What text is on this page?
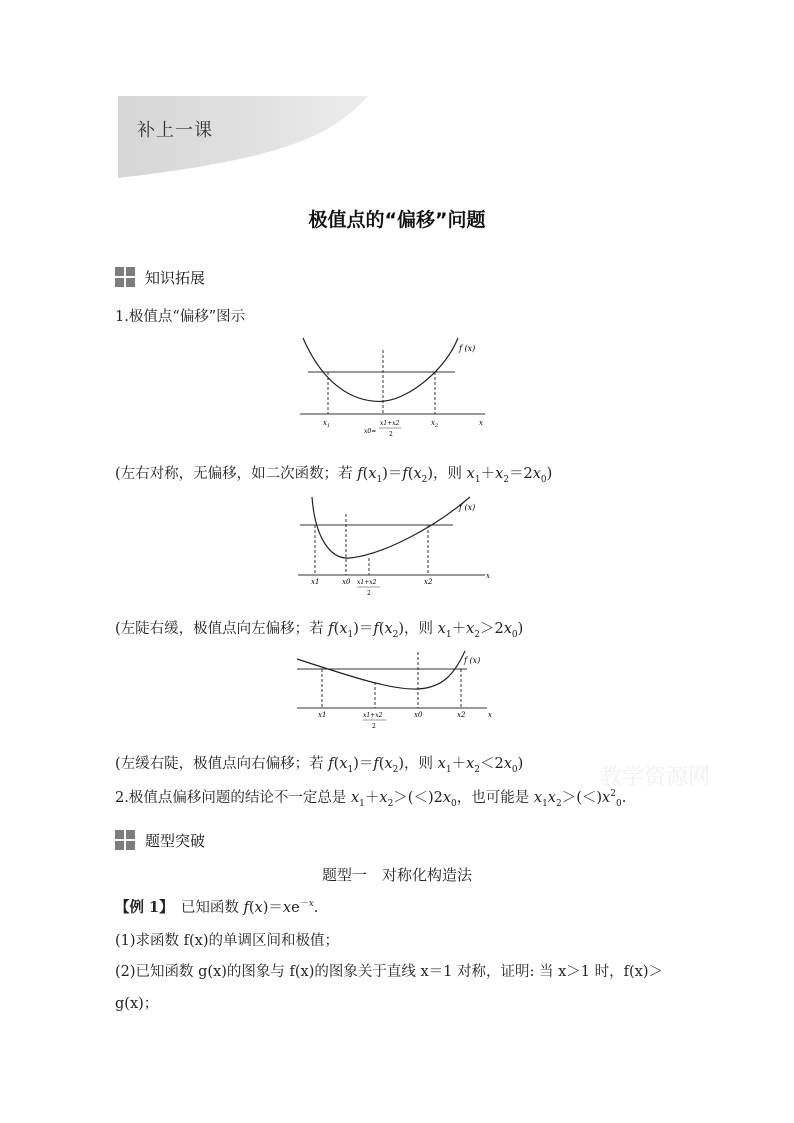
补上一课
极值点的“偏移”问题
知识拓展
1.极值点“偏移”图示
f (x)
$x_1$	$x_2$	x
x1+x2
2
x0=
(左右对称，无偏移，如二次函数；若 $f(x_1)=f(x_2)$，则 $x_1+x_2=2x_0$)
f (x)
x1	x0 x1+x2
2
x2
x
(左陡右缓，极值点向左偏移；若 $f(x_1)=f(x_2)$，则 $x_1+x_2>2x_0$)
f (x)
x1	x1+x2
2
x0	x2	x
(左缓右陡，极值点向右偏移；若 $f(x_1)=f(x_2)$，则 $x_1+x_2<2x_0$)
2.极值点偏移问题的结论不一定总是 $x_1+x_2>(<)2x_0$，也可能是 $x_1x_2>(<)x^2_0$.
教学资源网
题型突破
题型一　对称化构造法
【例 1】　已知函数 $f(x)=xe^{-x}$.
(1)求函数 f(x)的单调区间和极值；
(2)已知函数 g(x)的图象与 f(x)的图象关于直线 x＝1 对称，证明: 当 x＞1 时，f(x)＞
g(x)；
